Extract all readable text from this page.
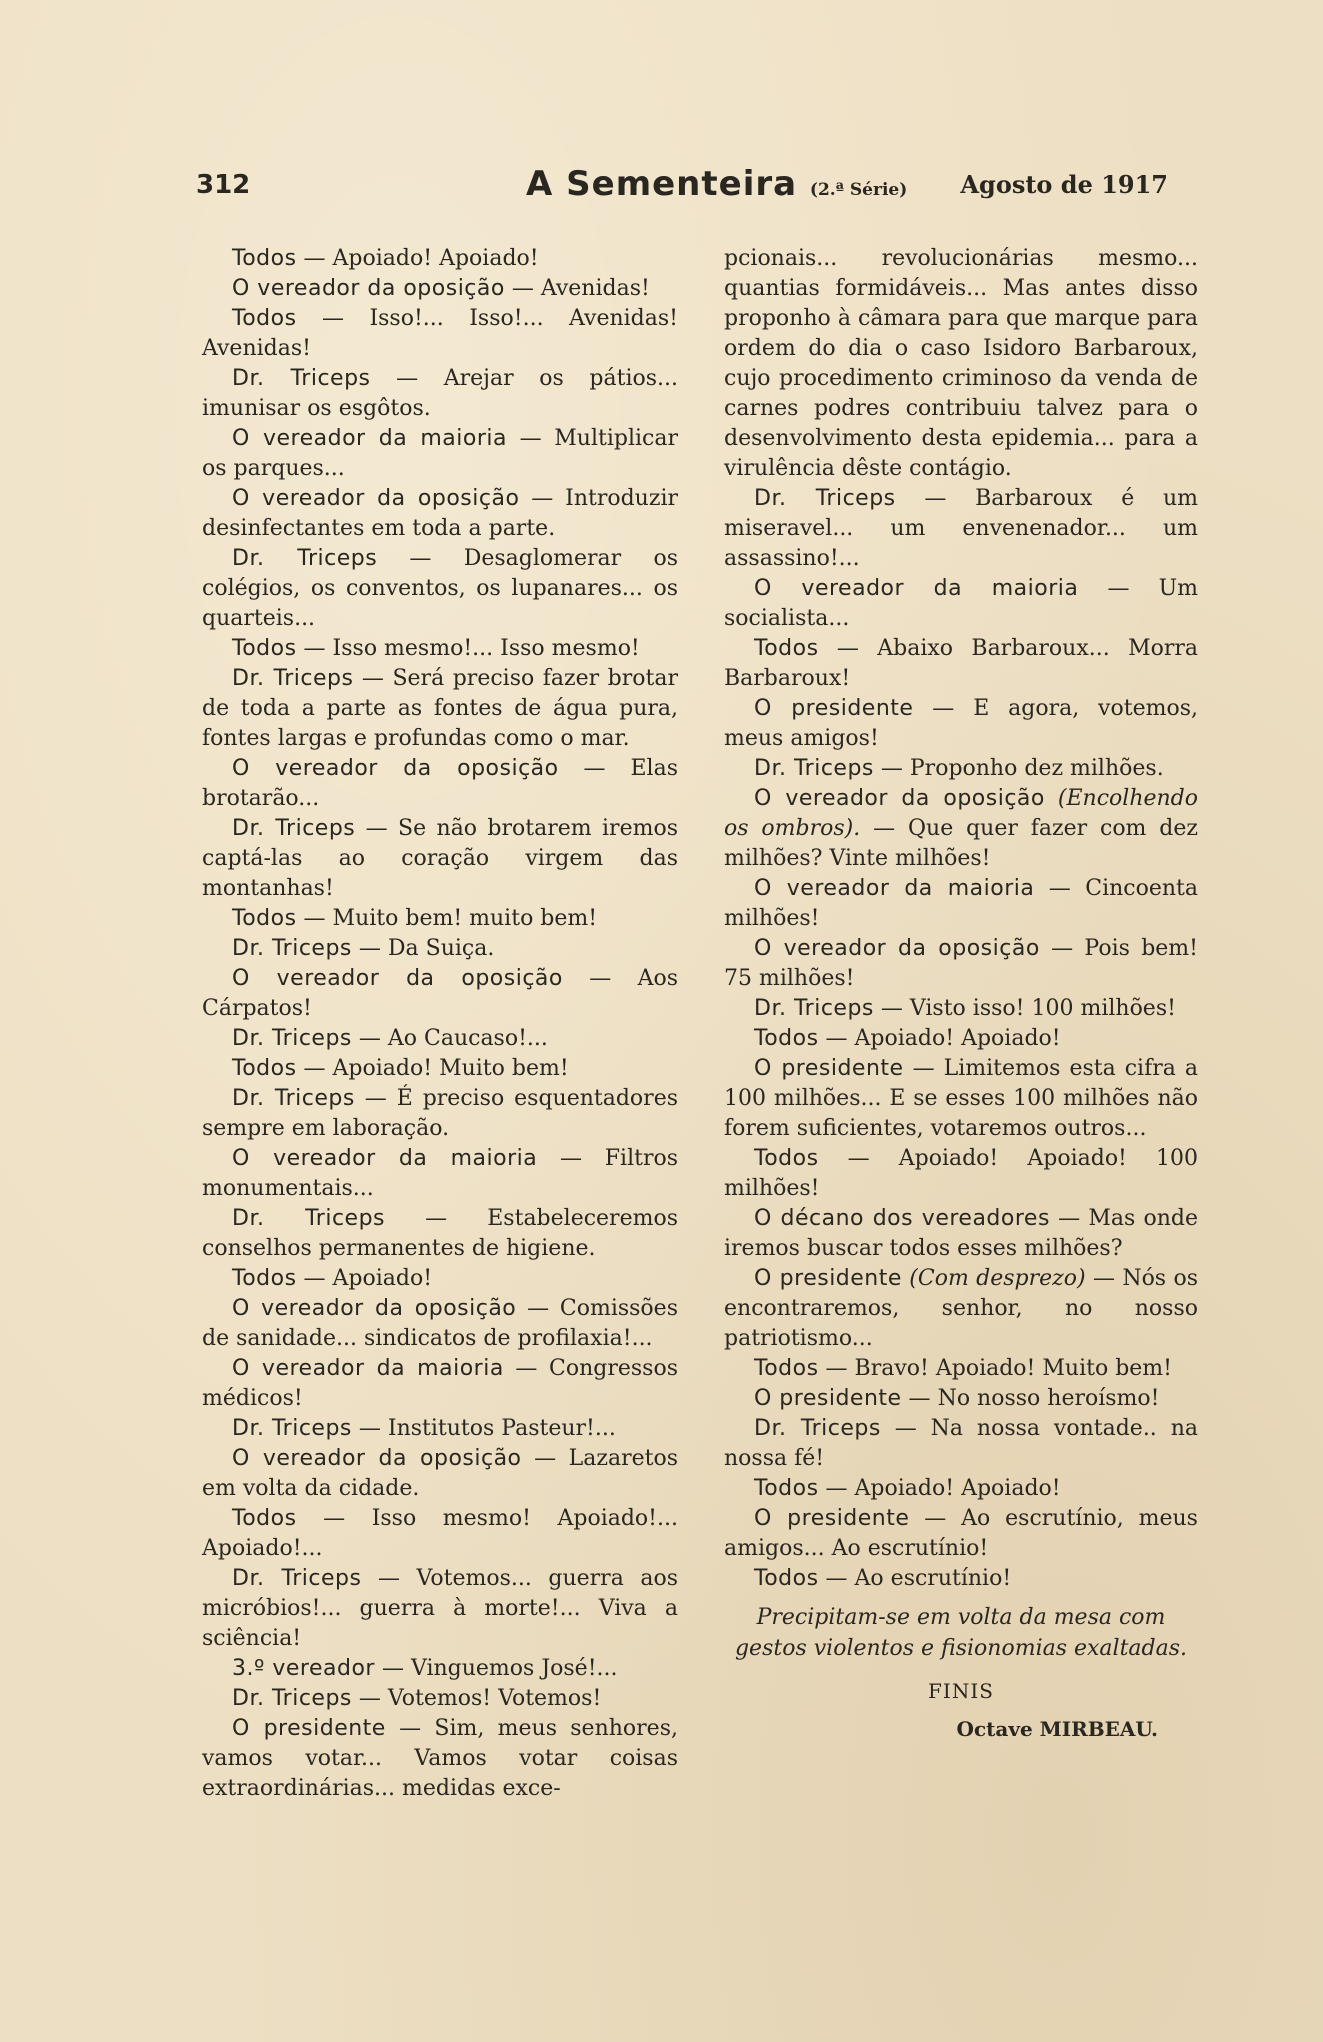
312	A Sementeira (2.ª Série) Agosto de 1917

Todos — Apoiado! Apoiado!

O vereador da oposição — Avenidas!

Todos — Isso!... Isso!... Avenidas! Avenidas!

Dr. Triceps — Arejar os pátios... imunisar os esgôtos.

O vereador da maioria — Multiplicar os parques...

O vereador da oposição — Introduzir desinfectantes em toda a parte.

Dr. Triceps — Desaglomerar os colégios, os conventos, os lupanares... os quarteis...

Todos — Isso mesmo!... Isso mesmo!

Dr. Triceps — Será preciso fazer brotar de toda a parte as fontes de água pura, fontes largas e profundas como o mar.

O vereador da oposição — Elas brotarão...

Dr. Triceps — Se não brotarem iremos captá-las ao coração virgem das montanhas!

Todos — Muito bem! muito bem!

Dr. Triceps — Da Suiça.

O vereador da oposição — Aos Cárpatos!

Dr. Triceps — Ao Caucaso!...

Todos — Apoiado! Muito bem!

Dr. Triceps — É preciso esquentadores sempre em laboração.

O vereador da maioria — Filtros monumentais...

Dr. Triceps — Estabeleceremos conselhos permanentes de higiene.

Todos — Apoiado!

O vereador da oposição — Comissões de sanidade... sindicatos de profilaxia!...

O vereador da maioria — Congressos médicos!

Dr. Triceps — Institutos Pasteur!...

O vereador da oposição — Lazaretos em volta da cidade.

Todos — Isso mesmo! Apoiado!... Apoiado!...

Dr. Triceps — Votemos... guerra aos micróbios!... guerra à morte!... Viva a sciência!

3.º vereador — Vinguemos José!...

Dr. Triceps — Votemos! Votemos!

O presidente — Sim, meus senhores, vamos votar... Vamos votar coisas extraordinárias... medidas exce-

pcionais... revolucionárias mesmo... quantias formidáveis... Mas antes disso proponho à câmara para que marque para ordem do dia o caso Isidoro Barbaroux, cujo procedimento criminoso da venda de carnes podres contribuiu talvez para o desenvolvimento desta epidemia... para a virulência dêste contágio.

Dr. Triceps — Barbaroux é um miseravel... um envenenador... um assassino!...

O vereador da maioria — Um socialista...

Todos — Abaixo Barbaroux... Morra Barbaroux!

O presidente — E agora, votemos, meus amigos!

Dr. Triceps — Proponho dez milhões.

O vereador da oposição (Encolhendo os ombros). — Que quer fazer com dez milhões? Vinte milhões!

O vereador da maioria — Cincoenta milhões!

O vereador da oposição — Pois bem! 75 milhões!

Dr. Triceps — Visto isso! 100 milhões!

Todos — Apoiado! Apoiado!

O presidente — Limitemos esta cifra a 100 milhões... E se esses 100 milhões não forem suficientes, votaremos outros...

Todos — Apoiado! Apoiado! 100 milhões!

O décano dos vereadores — Mas onde iremos buscar todos esses milhões?

O presidente (Com desprezo) — Nós os encontraremos, senhor, no nosso patriotismo...

Todos — Bravo! Apoiado! Muito bem!

O presidente — No nosso heroísmo!

Dr. Triceps — Na nossa vontade.. na nossa fé!

Todos — Apoiado! Apoiado!

O presidente — Ao escrutínio, meus amigos... Ao escrutínio!

Todos — Ao escrutínio!

Precipitam-se em volta da mesa com gestos violentos e fisionomias exaltadas.

FINIS

Octave MIRBEAU.
